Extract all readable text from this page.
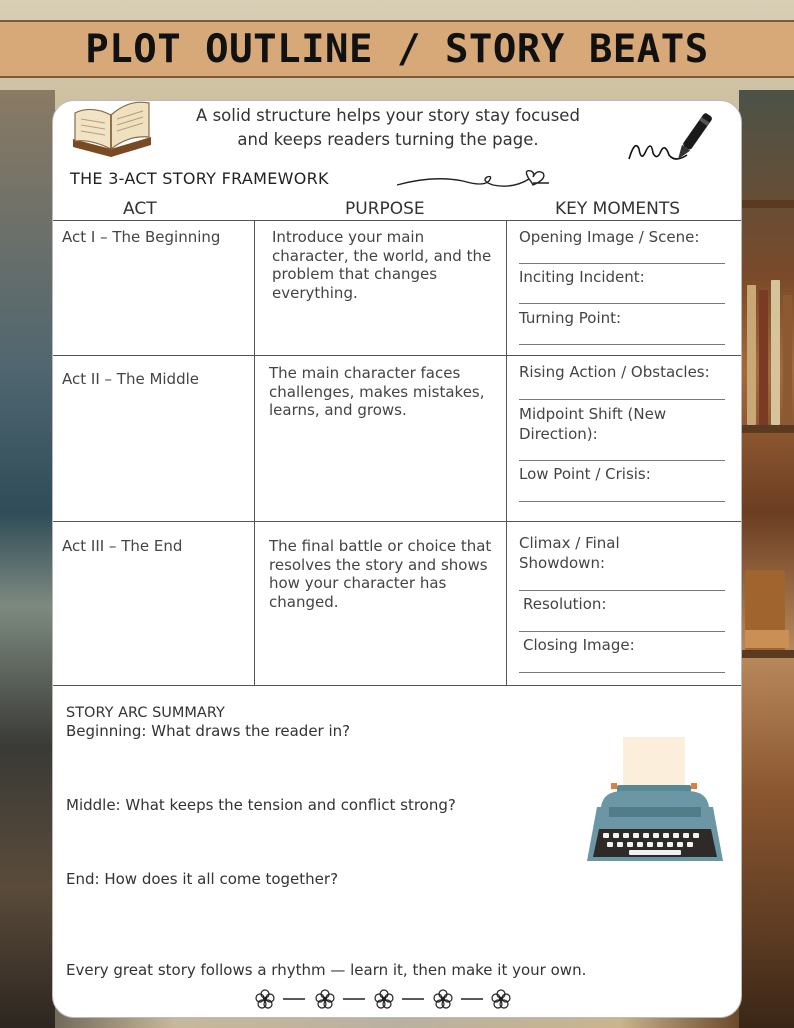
PLOT OUTLINE / STORY BEATS
A solid structure helps your story stay focused
and keeps readers turning the page.
THE 3-ACT STORY FRAMEWORK
ACT	PURPOSE	KEY MOMENTS
Act I – The Beginning	Introduce your main character, the world, and the problem that changes everything.
Opening Image / Scene:
Inciting Incident:
Turning Point:
Act II – The Middle	The main character faces challenges, makes mistakes, learns, and grows.
Rising Action / Obstacles:
Midpoint Shift (New Direction):
Low Point / Crisis:
Act III – The End	The final battle or choice that resolves the story and shows how your character has changed.
Climax / Final Showdown:
Resolution:
Closing Image:
STORY ARC SUMMARY
Beginning: What draws the reader in?
Middle: What keeps the tension and conflict strong?
End: How does it all come together?
Every great story follows a rhythm — learn it, then make it your own.
